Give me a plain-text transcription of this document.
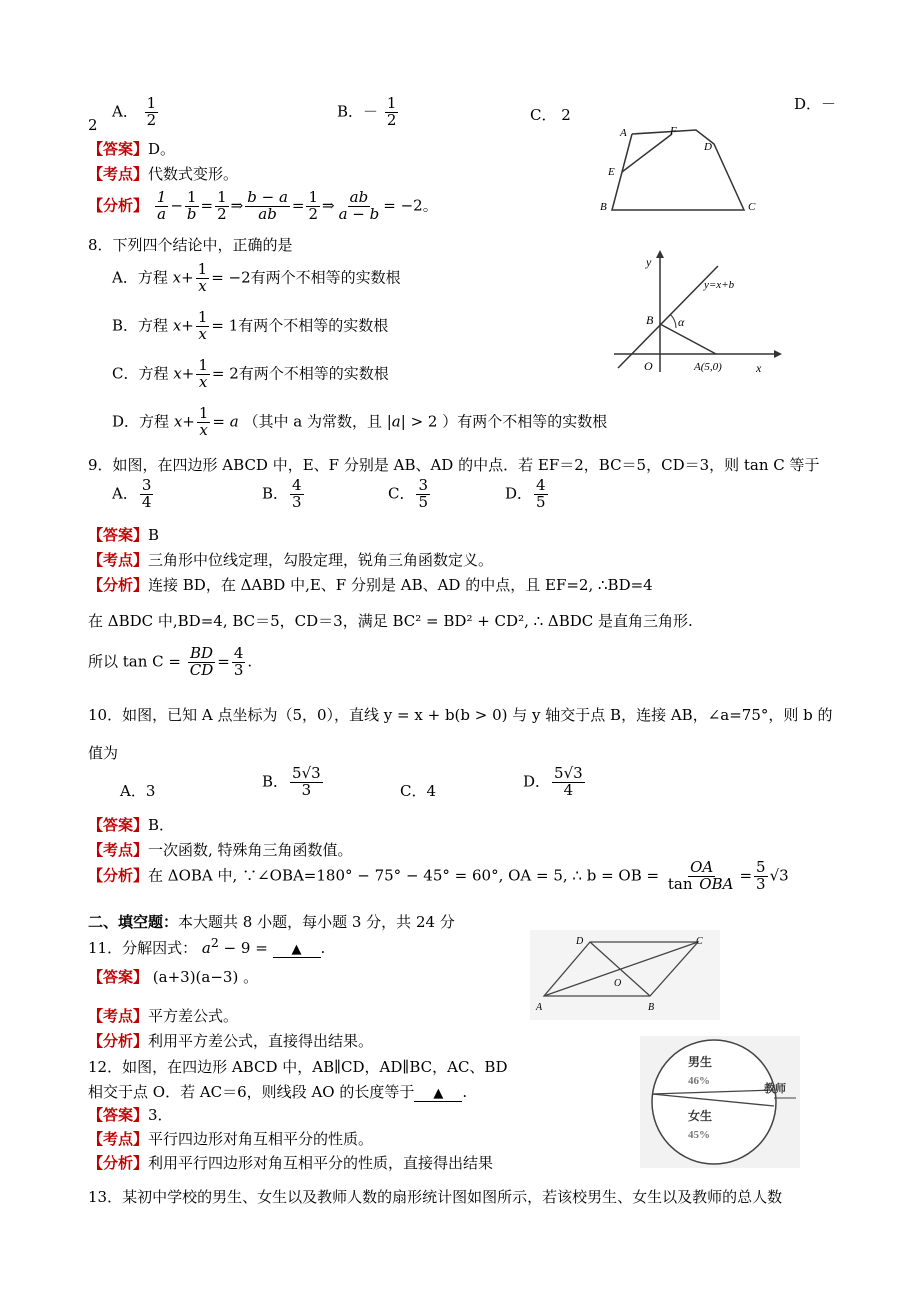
A． $\frac{1}{2}$
2
B．－ $\frac{1}{2}$	C． 2
D．－
【答案】D。
【考点】代数式变形。
【分析】 $\frac{1}{a} - \frac{1}{b} = \frac{1}{2}$ ⇒ $\frac{b - a}{ab} = \frac{1}{2}$ ⇒ $\frac{ab}{a - b} = -2$。
A	F
D
E
B	C
8．下列四个结论中，正确的是
A．方程 $x+ \frac{1}{x} = -2$有两个不相等的实数根
B．方程 $x+ \frac{1}{x} = 1$有两个不相等的实数根
C．方程 $x+ \frac{1}{x} = 2$有两个不相等的实数根
D．方程 $x+ \frac{1}{x} = a$ （其中 a 为常数，且 |a| > 2 ）有两个不相等的实数根
y
y=x+b
B α
O	A(5,0)	x
9．如图，在四边形 ABCD 中，E、F 分别是 AB、AD 的中点．若 EF＝2，BC＝5，CD＝3，则 tan C 等于
A． $\frac{3}{4}$	B． $\frac{4}{3}$	C． $\frac{3}{5}$	D． $\frac{4}{5}$
【答案】B
【考点】三角形中位线定理，勾股定理，锐角三角函数定义。
【分析】连接 BD，在 ΔABD 中,E、F 分别是 AB、AD 的中点，且 EF=2, ∴BD=4
在 ΔBDC 中,BD=4, BC＝5，CD＝3，满足 BC² = BD² + CD², ∴ ΔBDC 是直角三角形.
所以 $\tan C = \frac{BD}{CD} = \frac{4}{3}$ .
10．如图，已知 A 点坐标为（5，0），直线 y = x + b(b > 0) 与 y 轴交于点 B，连接 AB，∠a=75°，则 b 的
值为
A．3
B． $\frac{5√3}{3}$	C．4
D． $\frac{5√3}{4}$
【答案】B．
【考点】一次函数, 特殊角三角函数值。
【分析】在 ΔOBA 中, ∵∠OBA=180° − 75° − 45° = 60°, OA = 5, ∴ b = OB = $\frac{OA}{\text{tan OBA}} = \frac{5}{3} √3$
二、填空题：本大题共 8 小题，每小题 3 分，共 24 分
11．分解因式： $a^2 - 9$ = ▲ .
【答案】 (a+3)(a−3) 。
【考点】平方差公式。
【分析】利用平方差公式，直接得出结果。
A	B
C
D
O
12．如图，在四边形 ABCD 中，AB∥CD，AD∥BC，AC、BD
相交于点 O．若 AC＝6，则线段 AO 的长度等于 ▲ .
【答案】3．
【考点】平行四边形对角互相平分的性质。
【分析】利用平行四边形对角互相平分的性质，直接得出结果
男生
46%
教师
女生
45%
13．某初中学校的男生、女生以及教师人数的扇形统计图如图所示，若该校男生、女生以及教师的总人数
